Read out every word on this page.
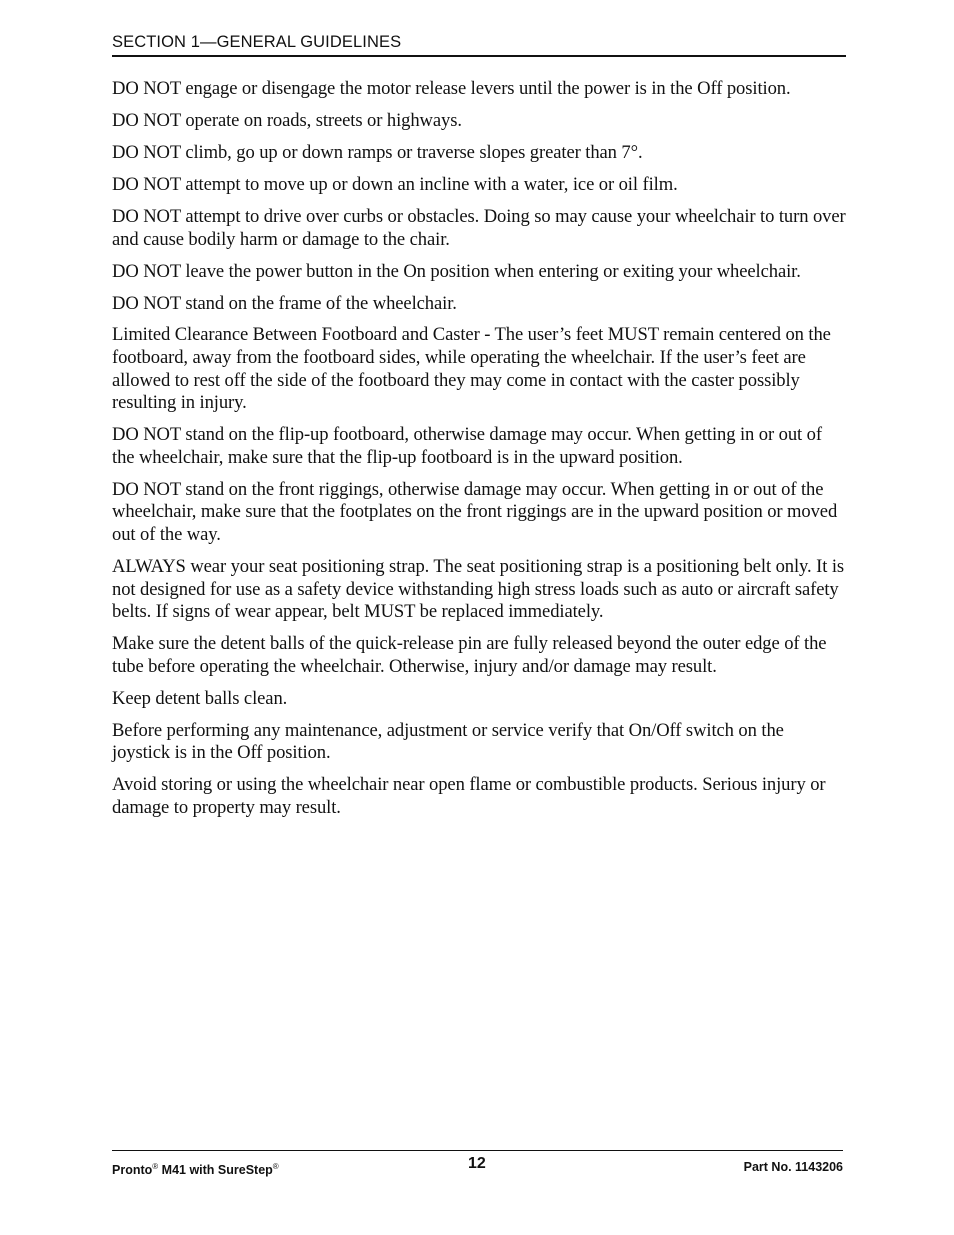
SECTION 1—GENERAL GUIDELINES

DO NOT engage or disengage the motor release levers until the power is in the Off position.

DO NOT operate on roads, streets or highways.

DO NOT climb, go up or down ramps or traverse slopes greater than 7°.

DO NOT attempt to move up or down an incline with a water, ice or oil film.

DO NOT attempt to drive over curbs or obstacles. Doing so may cause your wheelchair to turn over and cause bodily harm or damage to the chair.

DO NOT leave the power button in the On position when entering or exiting your wheelchair.

DO NOT stand on the frame of the wheelchair.

Limited Clearance Between Footboard and Caster - The user’s feet MUST remain centered on the footboard, away from the footboard sides, while operating the wheelchair. If the user’s feet are allowed to rest off the side of the footboard they may come in contact with the caster possibly resulting in injury.

DO NOT stand on the flip-up footboard, otherwise damage may occur. When getting in or out of the wheelchair, make sure that the flip-up footboard is in the upward position.

DO NOT stand on the front riggings, otherwise damage may occur. When getting in or out of the wheelchair, make sure that the footplates on the front riggings are in the upward position or moved out of the way.

ALWAYS wear your seat positioning strap. The seat positioning strap is a positioning belt only. It is not designed for use as a safety device withstanding high stress loads such as auto or aircraft safety belts. If signs of wear appear, belt MUST be replaced immediately.

Make sure the detent balls of the quick-release pin are fully released beyond the outer edge of the tube before operating the wheelchair. Otherwise, injury and/or damage may result.

Keep detent balls clean.

Before performing any maintenance, adjustment or service verify that On/Off switch on the joystick is in the Off position.

Avoid storing or using the wheelchair near open flame or combustible products. Serious injury or damage to property may result.

Pronto® M41 with SureStep®	12	Part No. 1143206
